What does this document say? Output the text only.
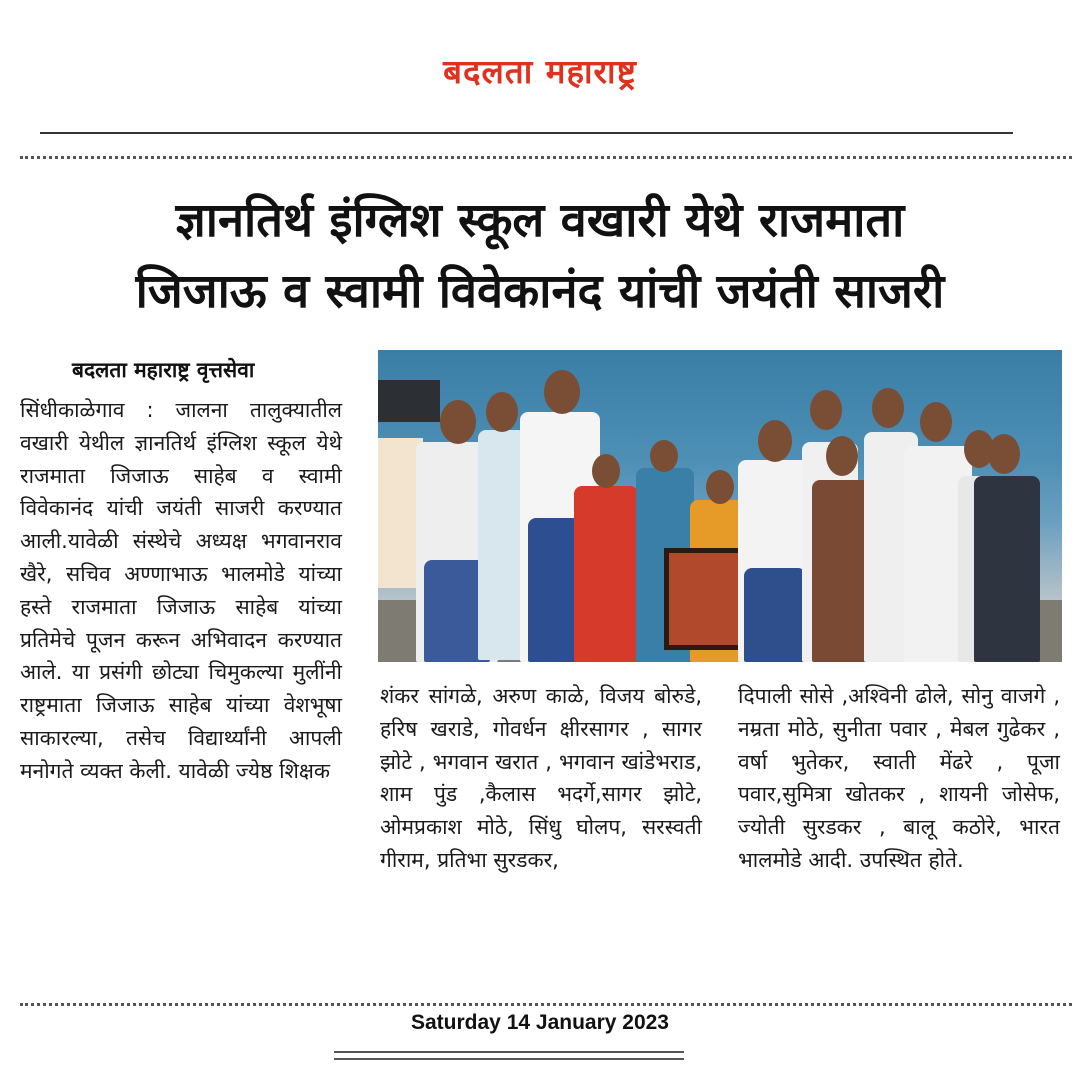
बदलता महाराष्ट्र
ज्ञानतिर्थ इंग्लिश स्कूल वखारी येथे राजमाता
जिजाऊ व स्वामी विवेकानंद यांची जयंती साजरी
बदलता महाराष्ट्र वृत्तसेवा

सिंधीकाळेगाव : जालना तालुक्यातील वखारी येथील ज्ञानतिर्थ इंग्लिश स्कूल येथे राजमाता जिजाऊ साहेब व स्वामी विवेकानंद यांची जयंती साजरी करण्यात आली.यावेळी संस्थेचे अध्यक्ष भगवानराव खैरे, सचिव अण्णाभाऊ भालमोडे यांच्या हस्ते राजमाता जिजाऊ साहेब यांच्या प्रतिमेचे पूजन करून अभिवादन करण्यात आले. या प्रसंगी छोट्या चिमुकल्या मुलींनी राष्ट्रमाता जिजाऊ साहेब यांच्या वेशभूषा साकारल्या, तसेच विद्यार्थ्यांनी आपली मनोगते व्यक्त केली. यावेळी ज्येष्ठ शिक्षक

शंकर सांगळे, अरुण काळे, विजय बोरुडे, हरिष खराडे, गोवर्धन क्षीरसागर , सागर झोटे , भगवान खरात , भगवान खांडेभराड, शाम पुंड ,कैलास भदर्गे,सागर झोटे, ओमप्रकाश मोठे, सिंधु घोलप, सरस्वती गीराम, प्रतिभा सुरडकर,

दिपाली सोसे ,अश्विनी ढोले, सोनु वाजगे , नम्रता मोठे, सुनीता पवार , मेबल गुढेकर , वर्षा भुतेकर, स्वाती मेंढरे , पूजा पवार,सुमित्रा खोतकर , शायनी जोसेफ, ज्योती सुरडकर , बालू कठोरे, भारत भालमोडे आदी. उपस्थित होते.

Saturday 14 January 2023
